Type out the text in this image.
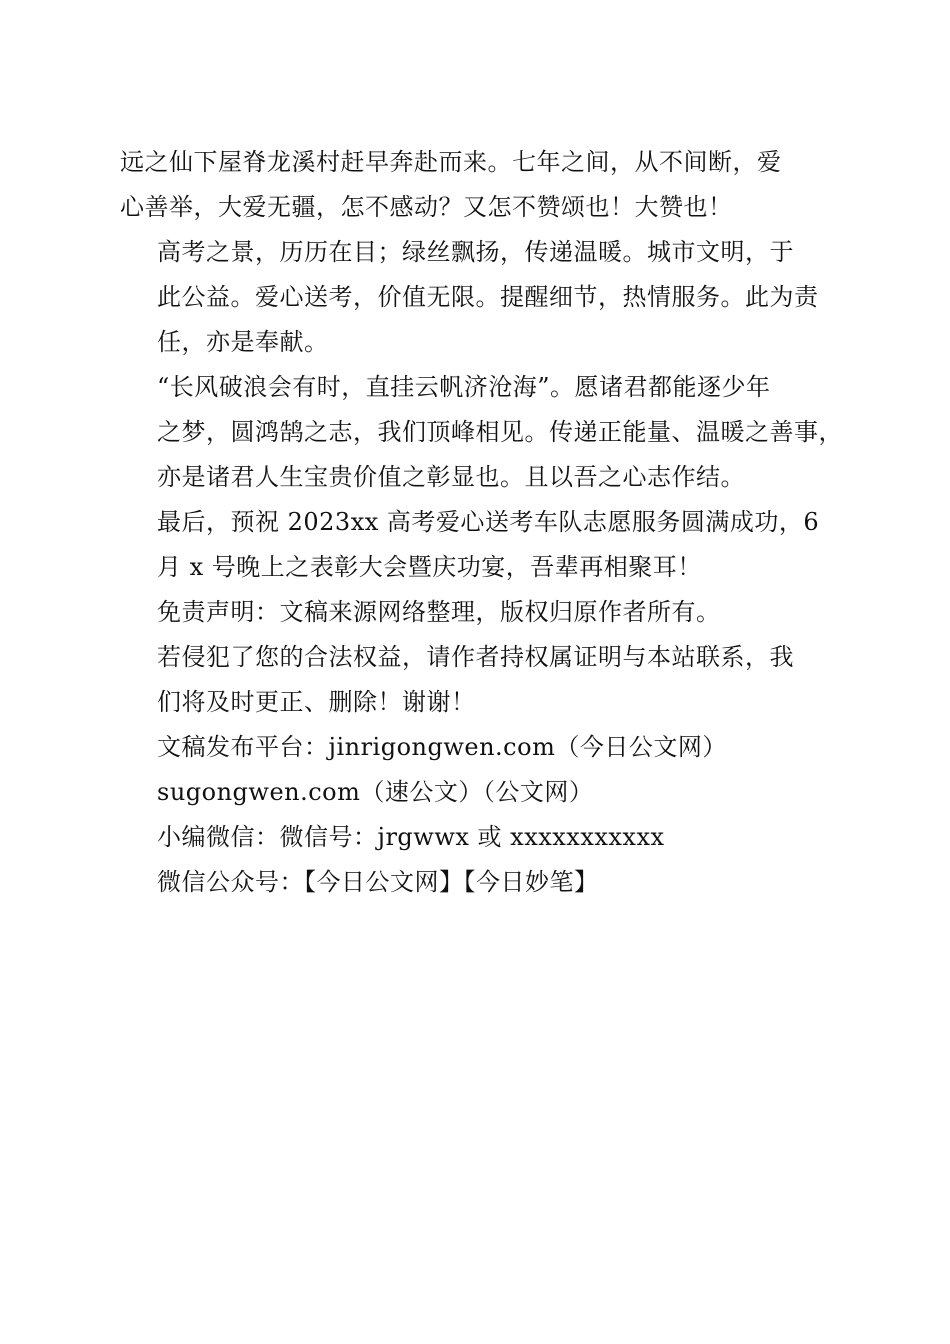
远之仙下屋脊龙溪村赶早奔赴而来。七年之间，从不间断，爱
心善举，大爱无疆，怎不感动？又怎不赞颂也！大赞也！

高考之景，历历在目；绿丝飘扬，传递温暖。城市文明，于
此公益。爱心送考，价值无限。提醒细节，热情服务。此为责
任，亦是奉献。

“长风破浪会有时，直挂云帆济沧海”。愿诸君都能逐少年
之梦，圆鸿鹄之志，我们顶峰相见。传递正能量、温暖之善事，
亦是诸君人生宝贵价值之彰显也。且以吾之心志作结。

最后，预祝 2023xx 高考爱心送考车队志愿服务圆满成功，6
月 x 号晚上之表彰大会暨庆功宴，吾辈再相聚耳！

免责声明：文稿来源网络整理，版权归原作者所有。

若侵犯了您的合法权益，请作者持权属证明与本站联系，我
们将及时更正、删除！谢谢！

文稿发布平台：jinrigongwen.com（今日公文网）

sugongwen.com（速公文）（公文网）

小编微信：微信号：jrgwwx 或 xxxxxxxxxxx

微信公众号：【今日公文网】【今日妙笔】
